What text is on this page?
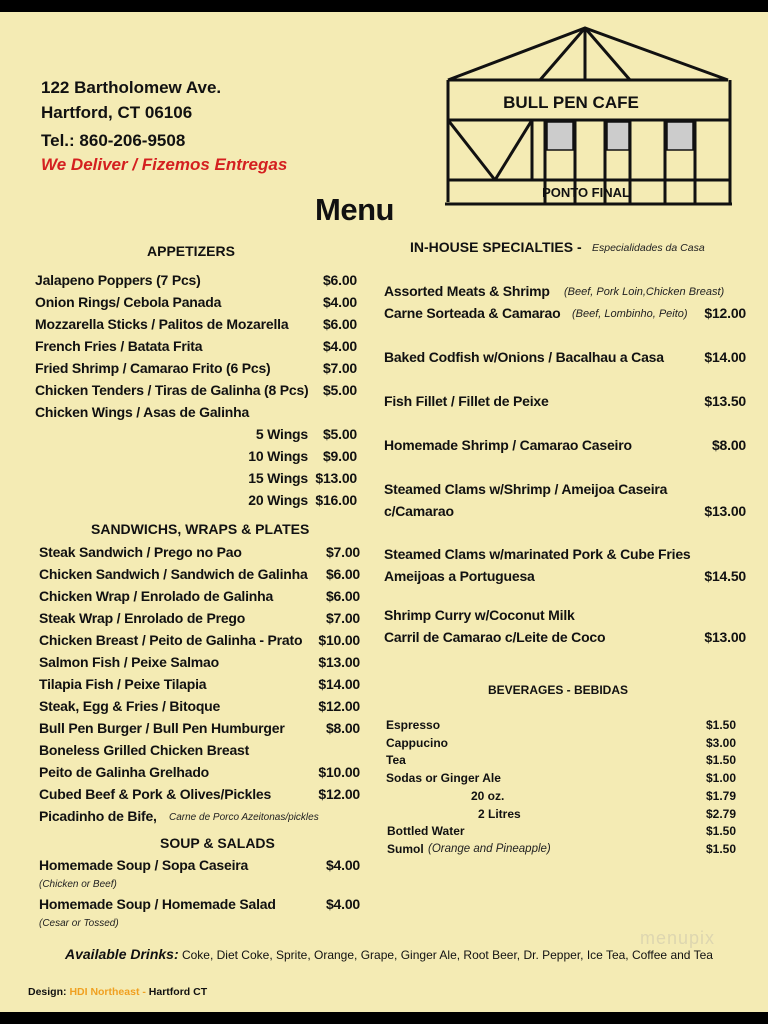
122 Bartholomew Ave.
Hartford, CT 06106
Tel.: 860-206-9508
We Deliver / Fizemos Entregas
BULL PEN CAFE
PONTO FINAL
Menu
APPETIZERS
Jalapeno Poppers (7 Pcs)	$6.00
Onion Rings/ Cebola Panada	$4.00
Mozzarella Sticks / Palitos de Mozarella $6.00
French Fries / Batata Frita	$4.00
Fried Shrimp / Camarao Frito (6 Pcs)	$7.00
Chicken Tenders / Tiras de Galinha (8 Pcs) $5.00
Chicken Wings / Asas de Galinha
5 Wings $5.00
10 Wings $9.00
15 Wings $13.00
20 Wings $16.00
SANDWICHS, WRAPS & PLATES
Steak Sandwich / Prego no Pao	$7.00
Chicken Sandwich / Sandwich de Galinha $6.00
Chicken Wrap / Enrolado de Galinha	$6.00
Steak Wrap / Enrolado de Prego	$7.00
Chicken Breast / Peito de Galinha - Prato $10.00
Salmon Fish / Peixe Salmao	$13.00
Tilapia Fish / Peixe Tilapia	$14.00
Steak, Egg & Fries / Bitoque	$12.00
Bull Pen Burger / Bull Pen Humburger	$8.00
Boneless Grilled Chicken Breast
Peito de Galinha Grelhado	$10.00
Cubed Beef & Pork & Olives/Pickles	$12.00
Picadinho de Bife, Carne de Porco Azeitonas/pickles
SOUP & SALADS
Homemade Soup / Sopa Caseira	$4.00
(Chicken or Beef)
Homemade Soup / Homemade Salad	$4.00
(Cesar or Tossed)
IN-HOUSE SPECIALTIES - Especialidades da Casa
Assorted Meats & Shrimp (Beef, Pork Loin,Chicken Breast)
Carne Sorteada & Camarao (Beef, Lombinho, Peito) $12.00
Baked Codfish w/Onions / Bacalhau a Casa	$14.00
Fish Fillet / Fillet de Peixe	$13.50
Homemade Shrimp / Camarao Caseiro	$8.00
Steamed Clams w/Shrimp / Ameijoa Caseira
c/Camarao	$13.00
Steamed Clams w/marinated Pork & Cube Fries
Ameijoas a Portuguesa	$14.50
Shrimp Curry w/Coconut Milk
Carril de Camarao c/Leite de Coco	$13.00
BEVERAGES - BEBIDAS
Espresso	$1.50
Cappucino	$3.00
Tea	$1.50
Sodas or Ginger Ale	$1.00
20 oz.	$1.79
2 Litres	$2.79
Bottled Water	$1.50
Sumol (Orange and Pineapple)	$1.50
menupix
Available Drinks: Coke, Diet Coke, Sprite, Orange, Grape, Ginger Ale, Root Beer, Dr. Pepper, Ice Tea, Coffee and Tea
Design: HDI Northeast - Hartford CT
